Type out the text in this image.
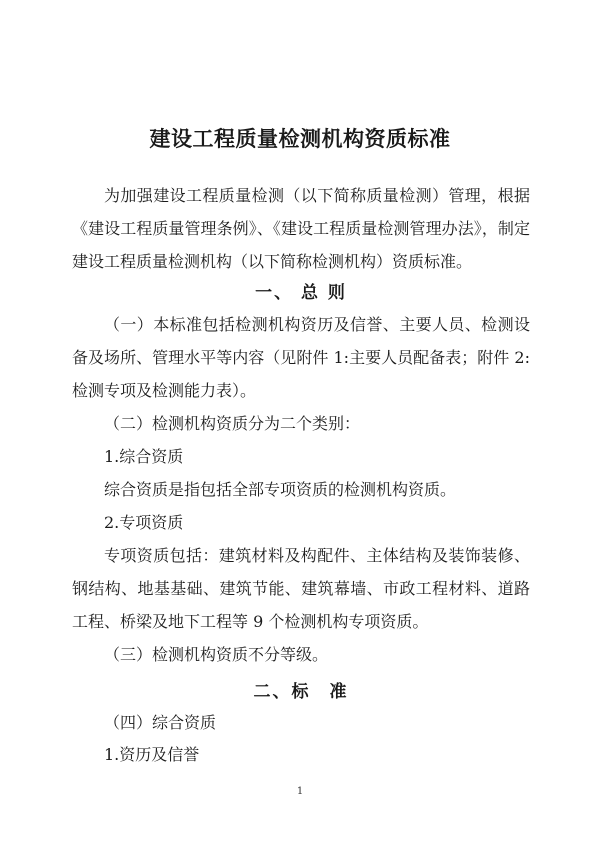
建设工程质量检测机构资质标准

为加强建设工程质量检测（以下简称质量检测）管理，根据《建设工程质量管理条例》、《建设工程质量检测管理办法》，制定建设工程质量检测机构（以下简称检测机构）资质标准。

一、 总 则

（一）本标准包括检测机构资历及信誉、主要人员、检测设备及场所、管理水平等内容（见附件 1:主要人员配备表；附件 2:检测专项及检测能力表）。

（二）检测机构资质分为二个类别：

1.综合资质

综合资质是指包括全部专项资质的检测机构资质。

2.专项资质

专项资质包括：建筑材料及构配件、主体结构及装饰装修、钢结构、地基基础、建筑节能、建筑幕墙、市政工程材料、道路工程、桥梁及地下工程等 9 个检测机构专项资质。

（三）检测机构资质不分等级。

二、标　准

（四）综合资质

1.资历及信誉

1
